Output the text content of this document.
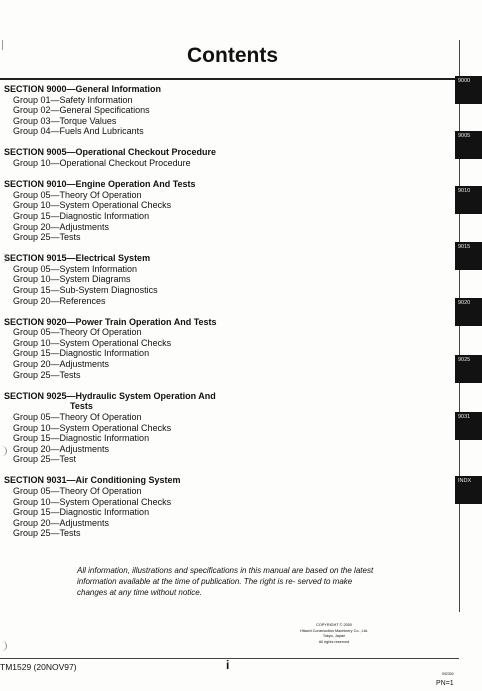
Contents
SECTION 9000—General Information
Group 01—Safety Information
Group 02—General Specifications
Group 03—Torque Values
Group 04—Fuels And Lubricants
SECTION 9005—Operational Checkout Procedure
Group 10—Operational Checkout Procedure
SECTION 9010—Engine Operation And Tests
Group 05—Theory Of Operation
Group 10—System Operational Checks
Group 15—Diagnostic Information
Group 20—Adjustments
Group 25—Tests
SECTION 9015—Electrical System
Group 05—System Information
Group 10—System Diagrams
Group 15—Sub-System Diagnostics
Group 20—References
SECTION 9020—Power Train Operation And Tests
Group 05—Theory Of Operation
Group 10—System Operational Checks
Group 15—Diagnostic Information
Group 20—Adjustments
Group 25—Tests
SECTION 9025—Hydraulic System Operation And
Tests
Group 05—Theory Of Operation
Group 10—System Operational Checks
Group 15—Diagnostic Information
Group 20—Adjustments
Group 25—Test
SECTION 9031—Air Conditioning System
Group 05—Theory Of Operation
Group 10—System Operational Checks
Group 15—Diagnostic Information
Group 20—Adjustments
Group 25—Tests
9000
9005
9010
9015
9020
9025
9031
INDX
All information, illustrations and specifications in this manual are based on the latest information available at the time of publication. The right is re- served to make changes at any time without notice.
COPYRIGHT © 2000
Hitachi Construction Machinery Co., Ltd.
Tokyo, Japan
All rights reserved
TM1529 (20NOV97)	i
092300
PN=1
